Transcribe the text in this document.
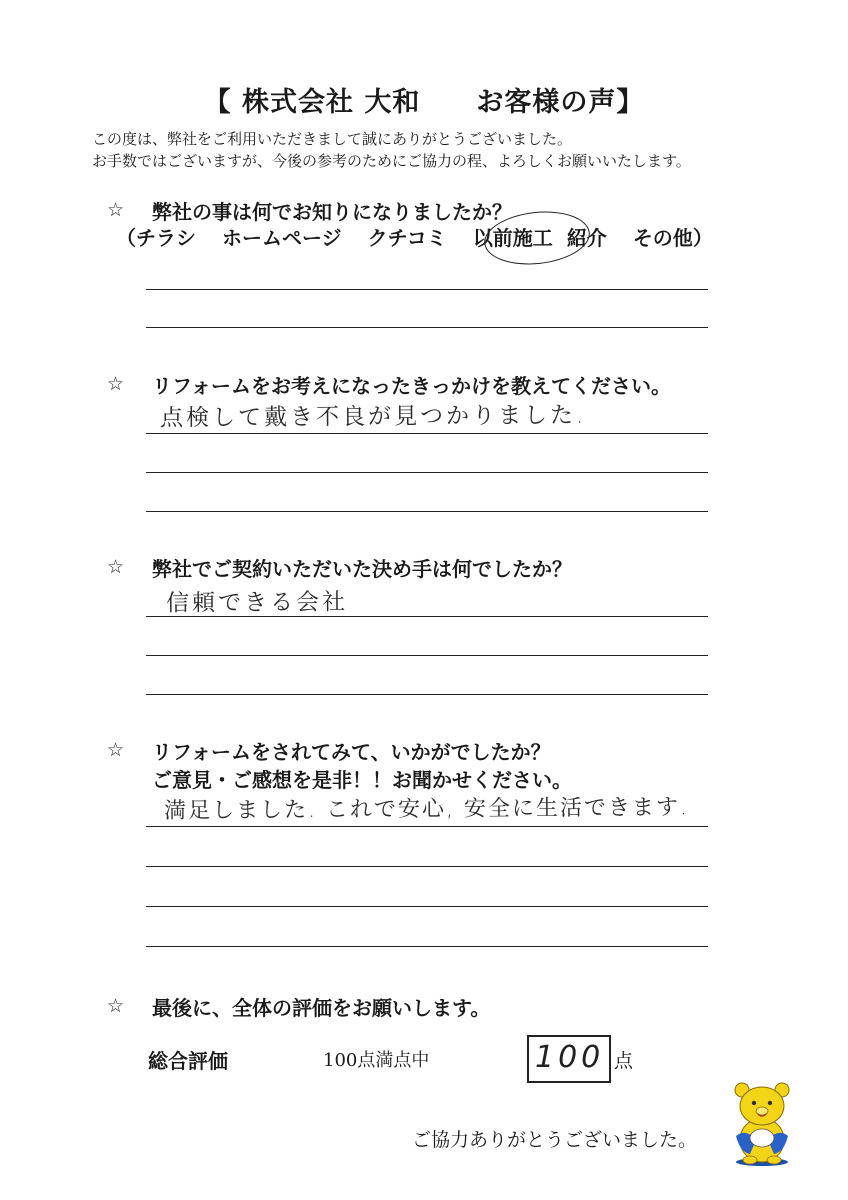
【 株式会社 大和　　お客様の声】
この度は、弊社をご利用いただきまして誠にありがとうございました。
お手数ではございますが、今後の参考のためにご協力の程、よろしくお願いいたします。
☆ 弊社の事は何でお知りになりましたか？
（チラシ ホームページ クチコミ 以前施工 紹介 その他）
☆ リフォームをお考えになったきっかけを教えてください。
点検して戴き不良が見つかりました.
☆ 弊社でご契約いただいた決め手は何でしたか？
信頼できる会社
☆ リフォームをされてみて、いかがでしたか？
ご意見・ご感想を是非！！お聞かせください。
満足しました. これで安心, 安全に生活できます.
☆ 最後に、全体の評価をお願いします。
総合評価	100点満点中	100 点
ご協力ありがとうございました。
